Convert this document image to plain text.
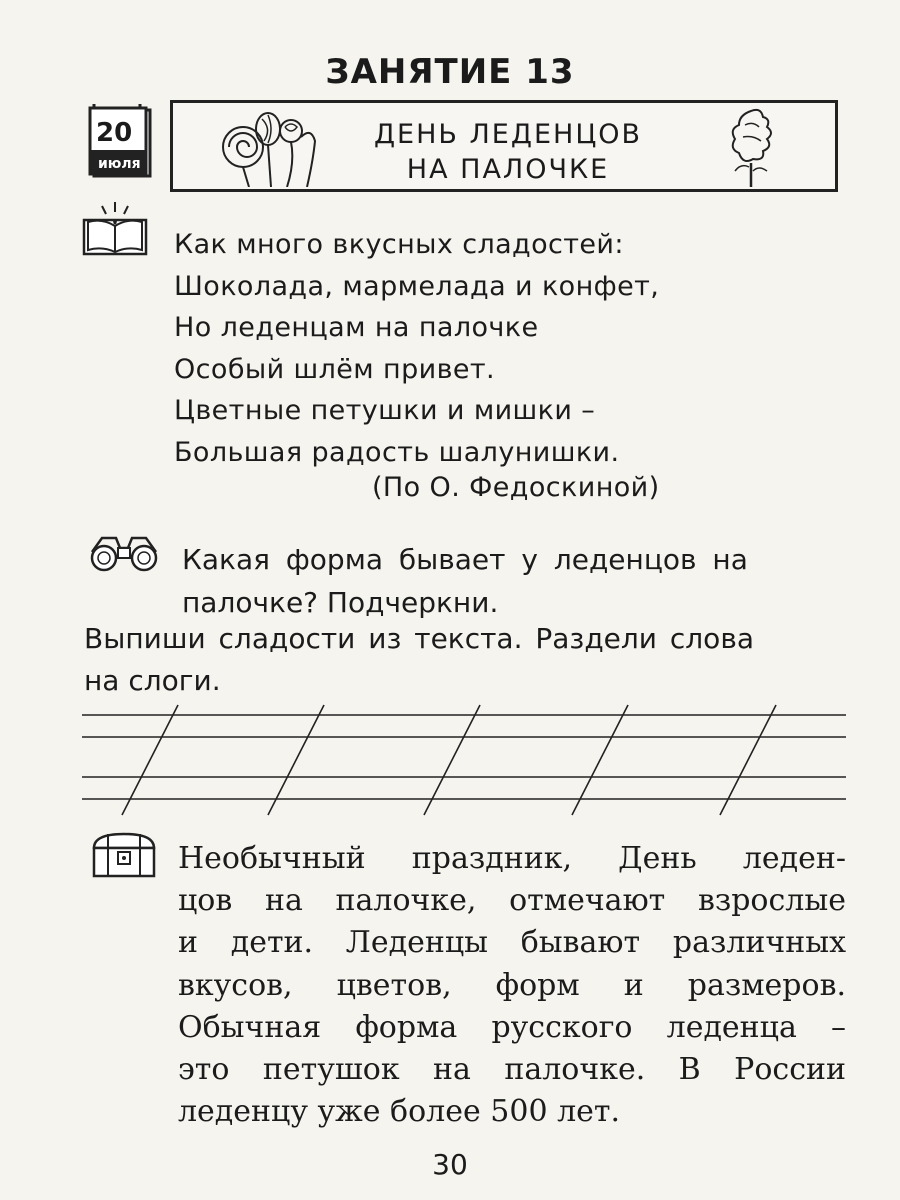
ЗАНЯТИЕ 13
20
июля
ДЕНЬ ЛЕДЕНЦОВ
НА ПАЛОЧКЕ
Как много вкусных сладостей:
Шоколада, мармелада и конфет,
Но леденцам на палочке
Особый шлём привет.
Цветные петушки и мишки –
Большая радость шалунишки.
(По О. Федоскиной)
Какая форма бывает у леденцов на
палочке? Подчеркни.
Выпиши сладости из текста. Раздели слова
на слоги.
Необычный праздник, День леден-
цов на палочке, отмечают взрослые
и дети. Леденцы бывают различных
вкусов, цветов, форм и размеров.
Обычная форма русского леденца –
это петушок на палочке. В России
леденцу уже более 500 лет.
30
